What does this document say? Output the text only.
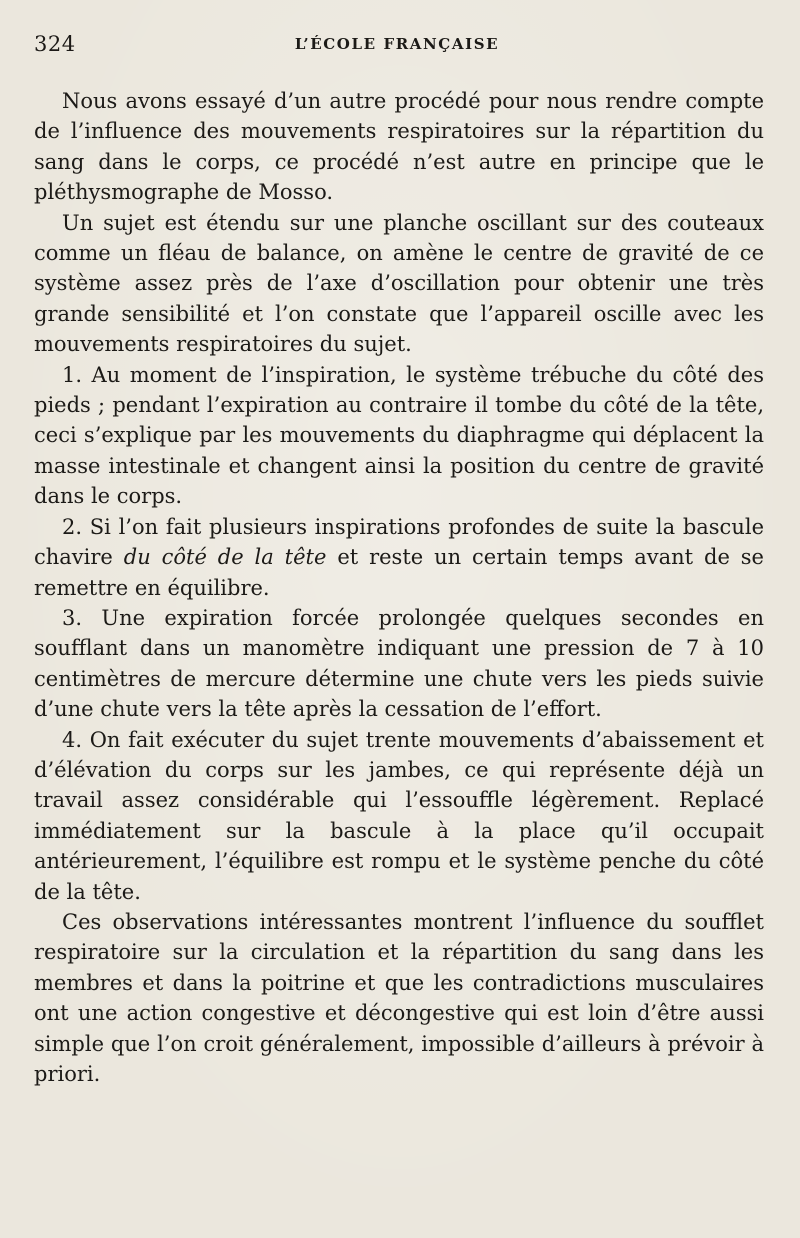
324	L’ÉCOLE FRANÇAISE

Nous avons essayé d’un autre procédé pour nous rendre compte de l’influence des mouvements respiratoires sur la répartition du sang dans le corps, ce procédé n’est autre en principe que le pléthysmographe de Mosso.

Un sujet est étendu sur une planche oscillant sur des couteaux comme un fléau de balance, on amène le centre de gravité de ce système assez près de l’axe d’oscillation pour obtenir une très grande sensibilité et l’on constate que l’appareil oscille avec les mouvements respiratoires du sujet.

1. Au moment de l’inspiration, le système trébuche du côté des pieds ; pendant l’expiration au contraire il tombe du côté de la tête, ceci s’explique par les mouvements du diaphragme qui déplacent la masse intestinale et changent ainsi la position du centre de gravité dans le corps.

2. Si l’on fait plusieurs inspirations profondes de suite la bascule chavire du côté de la tête et reste un certain temps avant de se remettre en équilibre.

3. Une expiration forcée prolongée quelques secondes en soufflant dans un manomètre indiquant une pression de 7 à 10 centimètres de mercure détermine une chute vers les pieds suivie d’une chute vers la tête après la cessation de l’effort.

4. On fait exécuter du sujet trente mouvements d’abaissement et d’élévation du corps sur les jambes, ce qui représente déjà un travail assez considérable qui l’essouffle légèrement. Replacé immédiatement sur la bascule à la place qu’il occupait antérieurement, l’équilibre est rompu et le système penche du côté de la tête.

Ces observations intéressantes montrent l’influence du soufflet respiratoire sur la circulation et la répartition du sang dans les membres et dans la poitrine et que les contradictions musculaires ont une action congestive et décongestive qui est loin d’être aussi simple que l’on croit généralement, impossible d’ailleurs à prévoir à priori.
